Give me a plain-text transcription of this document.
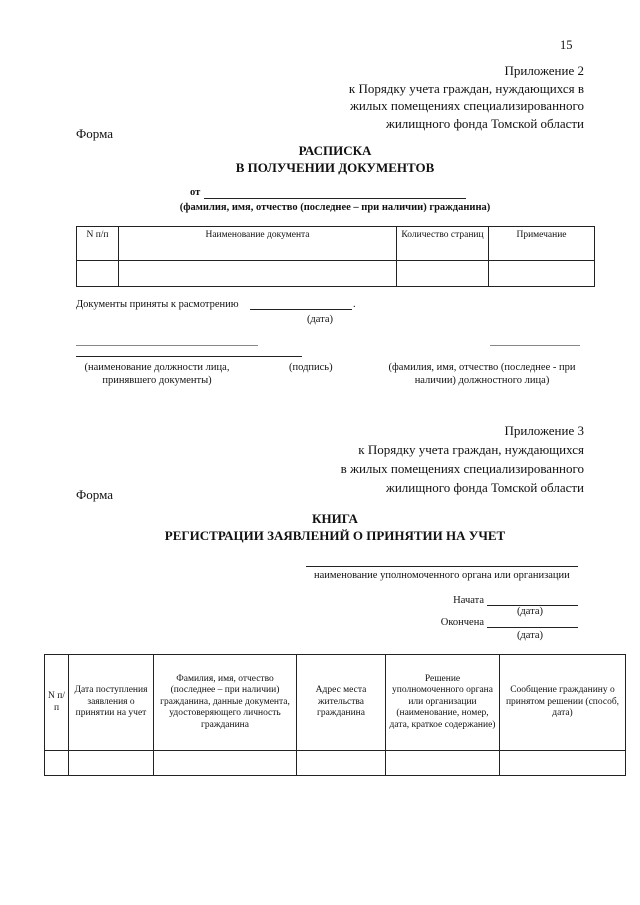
15
Приложение 2
к Порядку учета граждан, нуждающихся в
жилых помещениях специализированного
жилищного фонда Томской области
Форма
РАСПИСКА
В ПОЛУЧЕНИИ ДОКУМЕНТОВ
от
(фамилия, имя, отчество (последнее – при наличии) гражданина)
N п/п	Наименование документа	Количество страниц	Примечание

Документы приняты к расмотрению	.
(дата)
(наименование должности лица, принявшего документы)
(подпись)	(фамилия, имя, отчество (последнее - при наличии) должностного лица)
Приложение 3
к Порядку учета граждан, нуждающихся
в жилых помещениях специализированного
жилищного фонда Томской области
Форма
КНИГА
РЕГИСТРАЦИИ ЗАЯВЛЕНИЙ О ПРИНЯТИИ НА УЧЕТ
наименование уполномоченного органа или организации
Начата
(дата)
Окончена
(дата)
N п/п	Дата поступления заявления о принятии на учет	Фамилия, имя, отчество (последнее – при наличии) гражданина, данные документа, удостоверяющего личность гражданина	Адрес места жительства гражданина	Решение уполномоченного органа или организации (наименование, номер, дата, краткое содержание)	Сообщение гражданину о принятом решении (способ, дата)
